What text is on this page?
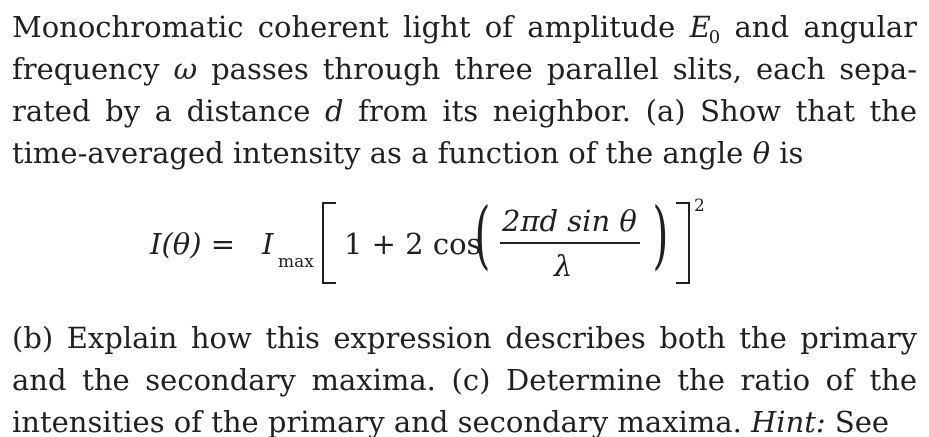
Monochromatic coherent light of amplitude $E_0$ and angular
frequency ω passes through three parallel slits, each sepa-
rated by a distance d from its neighbor. (a) Show that the
time-averaged intensity as a function of the angle θ is
I(θ) = I
max
1 + 2 cos
( 2πd sin θ
λ ) 2
(b) Explain how this expression describes both the primary
and the secondary maxima. (c) Determine the ratio of the
intensities of the primary and secondary maxima. Hint: See
